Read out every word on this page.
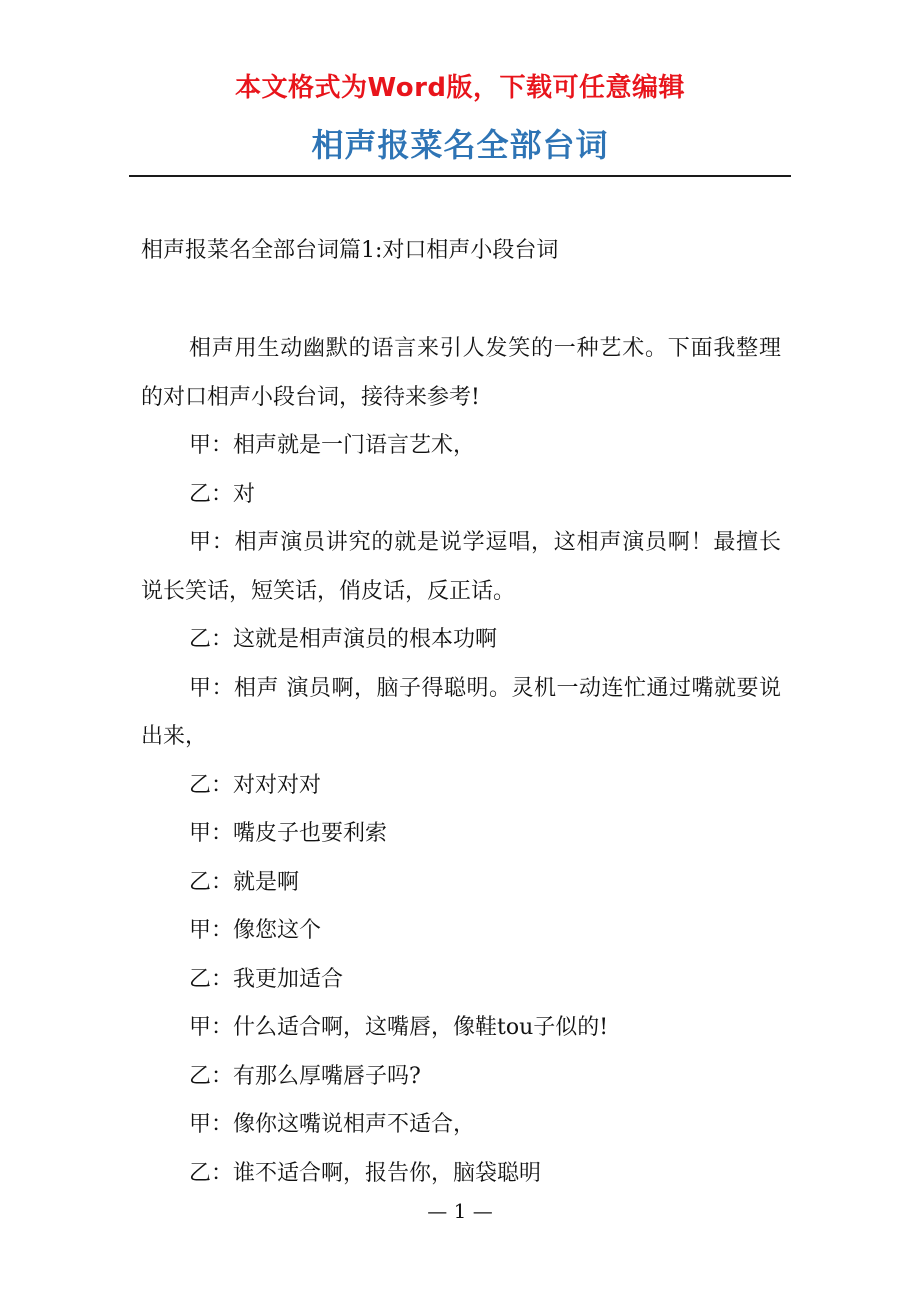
本文格式为Word版，下载可任意编辑
相声报菜名全部台词
相声报菜名全部台词篇1:对口相声小段台词

相声用生动幽默的语言来引人发笑的一种艺术。下面我整理的对口相声小段台词，接待来参考!

甲：相声就是一门语言艺术，

乙：对

甲：相声演员讲究的就是说学逗唱，这相声演员啊！最擅长说长笑话，短笑话，俏皮话，反正话。

乙：这就是相声演员的根本功啊

甲：相声 演员啊，脑子得聪明。灵机一动连忙通过嘴就要说出来，

乙：对对对对

甲：嘴皮子也要利索

乙：就是啊

甲：像您这个

乙：我更加适合

甲：什么适合啊，这嘴唇，像鞋tou子似的!

乙：有那么厚嘴唇子吗?

甲：像你这嘴说相声不适合，

乙：谁不适合啊，报告你，脑袋聪明

— 1 —
